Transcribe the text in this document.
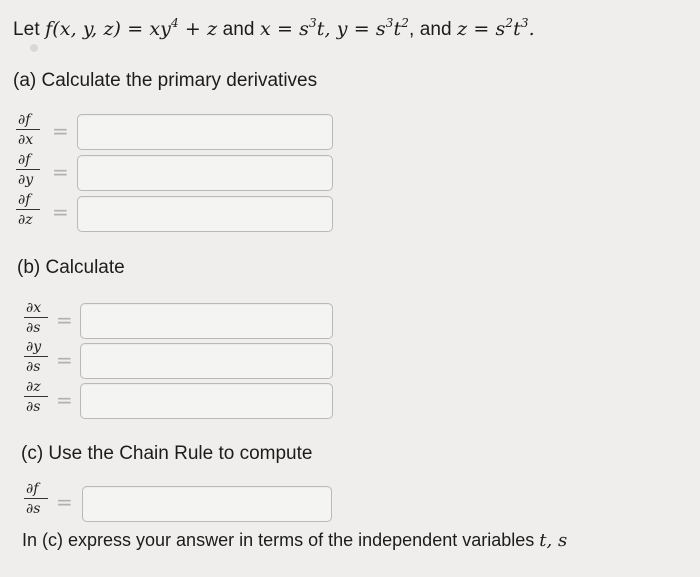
Let f(x, y, $z) = xy^4 + z$ and $x = s^3t$, $y = s^3t^2$, and $z = s^2t^3$.
(a) Calculate the primary derivatives
∂f
∂x =
∂f
∂y =
∂f
∂z =
(b) Calculate
∂x
∂s =
∂y
∂s =
∂z
∂s =
(c) Use the Chain Rule to compute
∂f
∂s =
In (c) express your answer in terms of the independent variables t, s
